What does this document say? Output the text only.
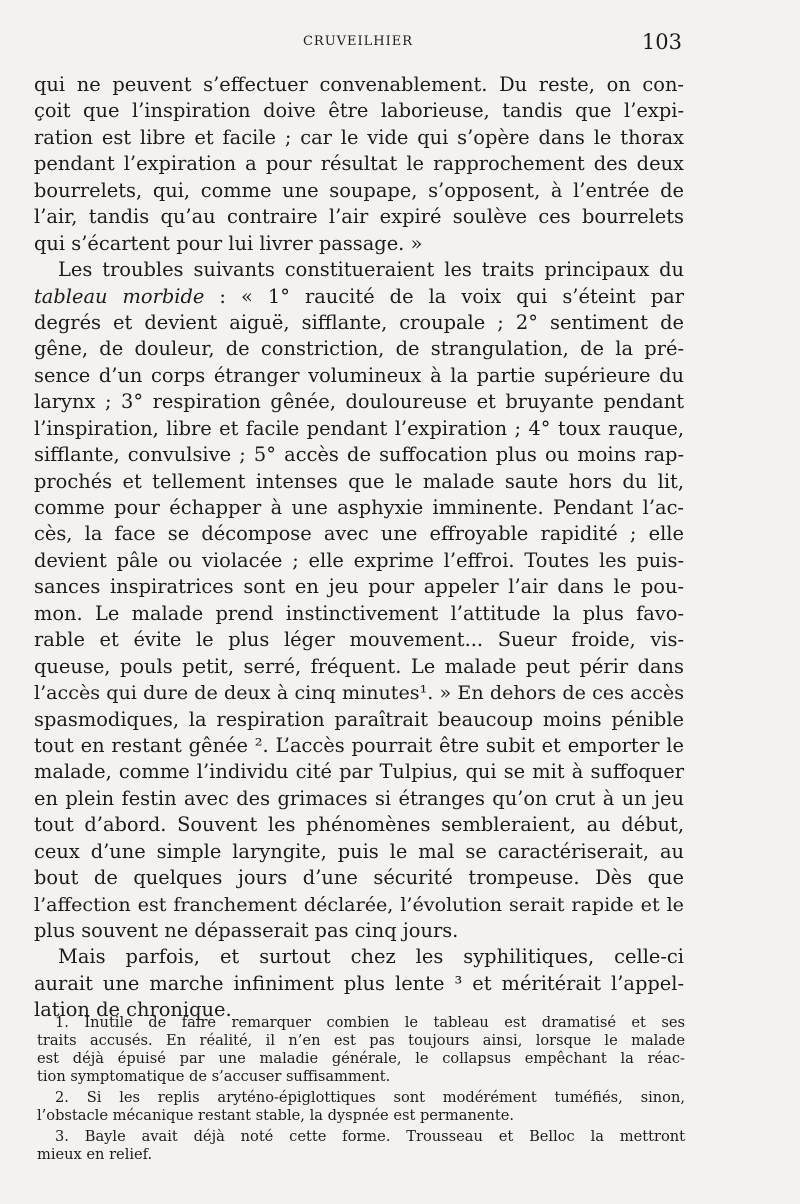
CRUVEILHIER	103
qui ne peuvent s’effectuer convenablement. Du reste, on con-
çoit que l’inspiration doive être laborieuse, tandis que l’expi-
ration est libre et facile ; car le vide qui s’opère dans le thorax
pendant l’expiration a pour résultat le rapprochement des deux
bourrelets, qui, comme une soupape, s’opposent, à l’entrée de
l’air, tandis qu’au contraire l’air expiré soulève ces bourrelets
qui s’écartent pour lui livrer passage. »
Les troubles suivants constitueraient les traits principaux du
tableau morbide : « 1° raucité de la voix qui s’éteint par
degrés et devient aiguë, sifflante, croupale ; 2° sentiment de
gêne, de douleur, de constriction, de strangulation, de la pré-
sence d’un corps étranger volumineux à la partie supérieure du
larynx ; 3° respiration gênée, douloureuse et bruyante pendant
l’inspiration, libre et facile pendant l’expiration ; 4° toux rauque,
sifflante, convulsive ; 5° accès de suffocation plus ou moins rap-
prochés et tellement intenses que le malade saute hors du lit,
comme pour échapper à une asphyxie imminente. Pendant l’ac-
cès, la face se décompose avec une effroyable rapidité ; elle
devient pâle ou violacée ; elle exprime l’effroi. Toutes les puis-
sances inspiratrices sont en jeu pour appeler l’air dans le pou-
mon. Le malade prend instinctivement l’attitude la plus favo-
rable et évite le plus léger mouvement... Sueur froide, vis-
queuse, pouls petit, serré, fréquent. Le malade peut périr dans
l’accès qui dure de deux à cinq minutes¹. » En dehors de ces accès
spasmodiques, la respiration paraîtrait beaucoup moins pénible
tout en restant gênée ². L’accès pourrait être subit et emporter le
malade, comme l’individu cité par Tulpius, qui se mit à suffoquer
en plein festin avec des grimaces si étranges qu’on crut à un jeu
tout d’abord. Souvent les phénomènes sembleraient, au début,
ceux d’une simple laryngite, puis le mal se caractériserait, au
bout de quelques jours d’une sécurité trompeuse. Dès que
l’affection est franchement déclarée, l’évolution serait rapide et le
plus souvent ne dépasserait pas cinq jours.
Mais parfois, et surtout chez les syphilitiques, celle-ci
aurait une marche infiniment plus lente ³ et méritérait l’appel-
lation de chronique.
1. Inutile de faire remarquer combien le tableau est dramatisé et ses
traits accusés. En réalité, il n’en est pas toujours ainsi, lorsque le malade
est déjà épuisé par une maladie générale, le collapsus empêchant la réac-
tion symptomatique de s’accuser suffisamment.
2. Si les replis aryténo-épiglottiques sont modérément tuméfiés, sinon,
l’obstacle mécanique restant stable, la dyspnée est permanente.
3. Bayle avait déjà noté cette forme. Trousseau et Belloc la mettront
mieux en relief.
